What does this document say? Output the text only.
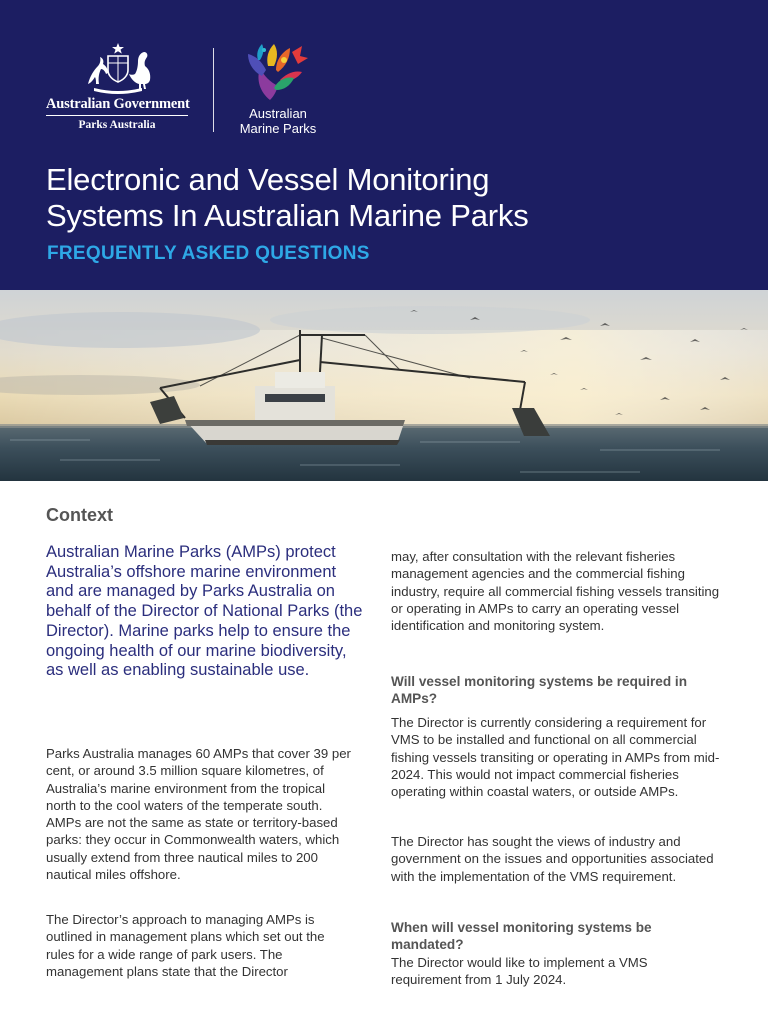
Australian Government
Parks Australia
Australian
Marine Parks
Electronic and Vessel Monitoring
Systems In Australian Marine Parks
FREQUENTLY ASKED QUESTIONS
Context
Australian Marine Parks (AMPs) protect Australia’s offshore marine environment and are managed by Parks Australia on behalf of the Director of National Parks (the Director). Marine parks help to ensure the ongoing health of our marine biodiversity, as well as enabling sustainable use.

Parks Australia manages 60 AMPs that cover 39 per cent, or around 3.5 million square kilometres, of Australia’s marine environment from the tropical north to the cool waters of the temperate south. AMPs are not the same as state or territory-based parks: they occur in Commonwealth waters, which usually extend from three nautical miles to 200 nautical miles offshore.

The Director’s approach to managing AMPs is outlined in management plans which set out the rules for a wide range of park users. The management plans state that the Director

may, after consultation with the relevant fisheries management agencies and the commercial fishing industry, require all commercial fishing vessels transiting or operating in AMPs to carry an operating vessel identification and monitoring system.

Will vessel monitoring systems be required in AMPs?

The Director is currently considering a requirement for VMS to be installed and functional on all commercial fishing vessels transiting or operating in AMPs from mid-2024. This would not impact commercial fisheries operating within coastal waters, or outside AMPs.

The Director has sought the views of industry and government on the issues and opportunities associated with the implementation of the VMS requirement.

When will vessel monitoring systems be mandated?

The Director would like to implement a VMS requirement from 1 July 2024.
